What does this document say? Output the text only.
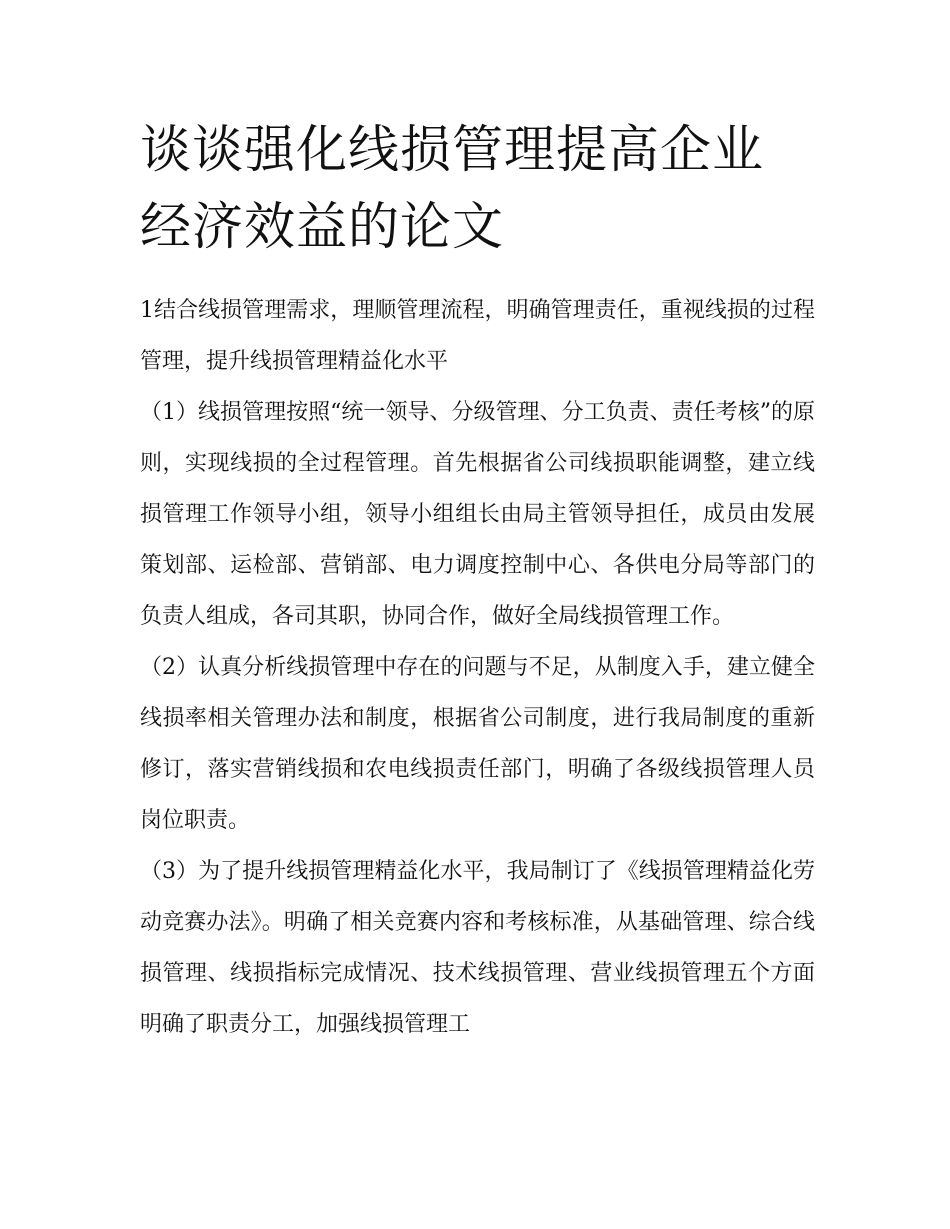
谈谈强化线损管理提高企业经济效益的论文

1结合线损管理需求，理顺管理流程，明确管理责任，重视线损的过程管理，提升线损管理精益化水平

（1）线损管理按照“统一领导、分级管理、分工负责、责任考核”的原则，实现线损的全过程管理。首先根据省公司线损职能调整，建立线损管理工作领导小组，领导小组组长由局主管领导担任，成员由发展策划部、运检部、营销部、电力调度控制中心、各供电分局等部门的负责人组成，各司其职，协同合作，做好全局线损管理工作。

（2）认真分析线损管理中存在的问题与不足，从制度入手，建立健全线损率相关管理办法和制度，根据省公司制度，进行我局制度的重新修订，落实营销线损和农电线损责任部门，明确了各级线损管理人员岗位职责。

（3）为了提升线损管理精益化水平，我局制订了《线损管理精益化劳动竞赛办法》。明确了相关竞赛内容和考核标准，从基础管理、综合线损管理、线损指标完成情况、技术线损管理、营业线损管理五个方面明确了职责分工，加强线损管理工
